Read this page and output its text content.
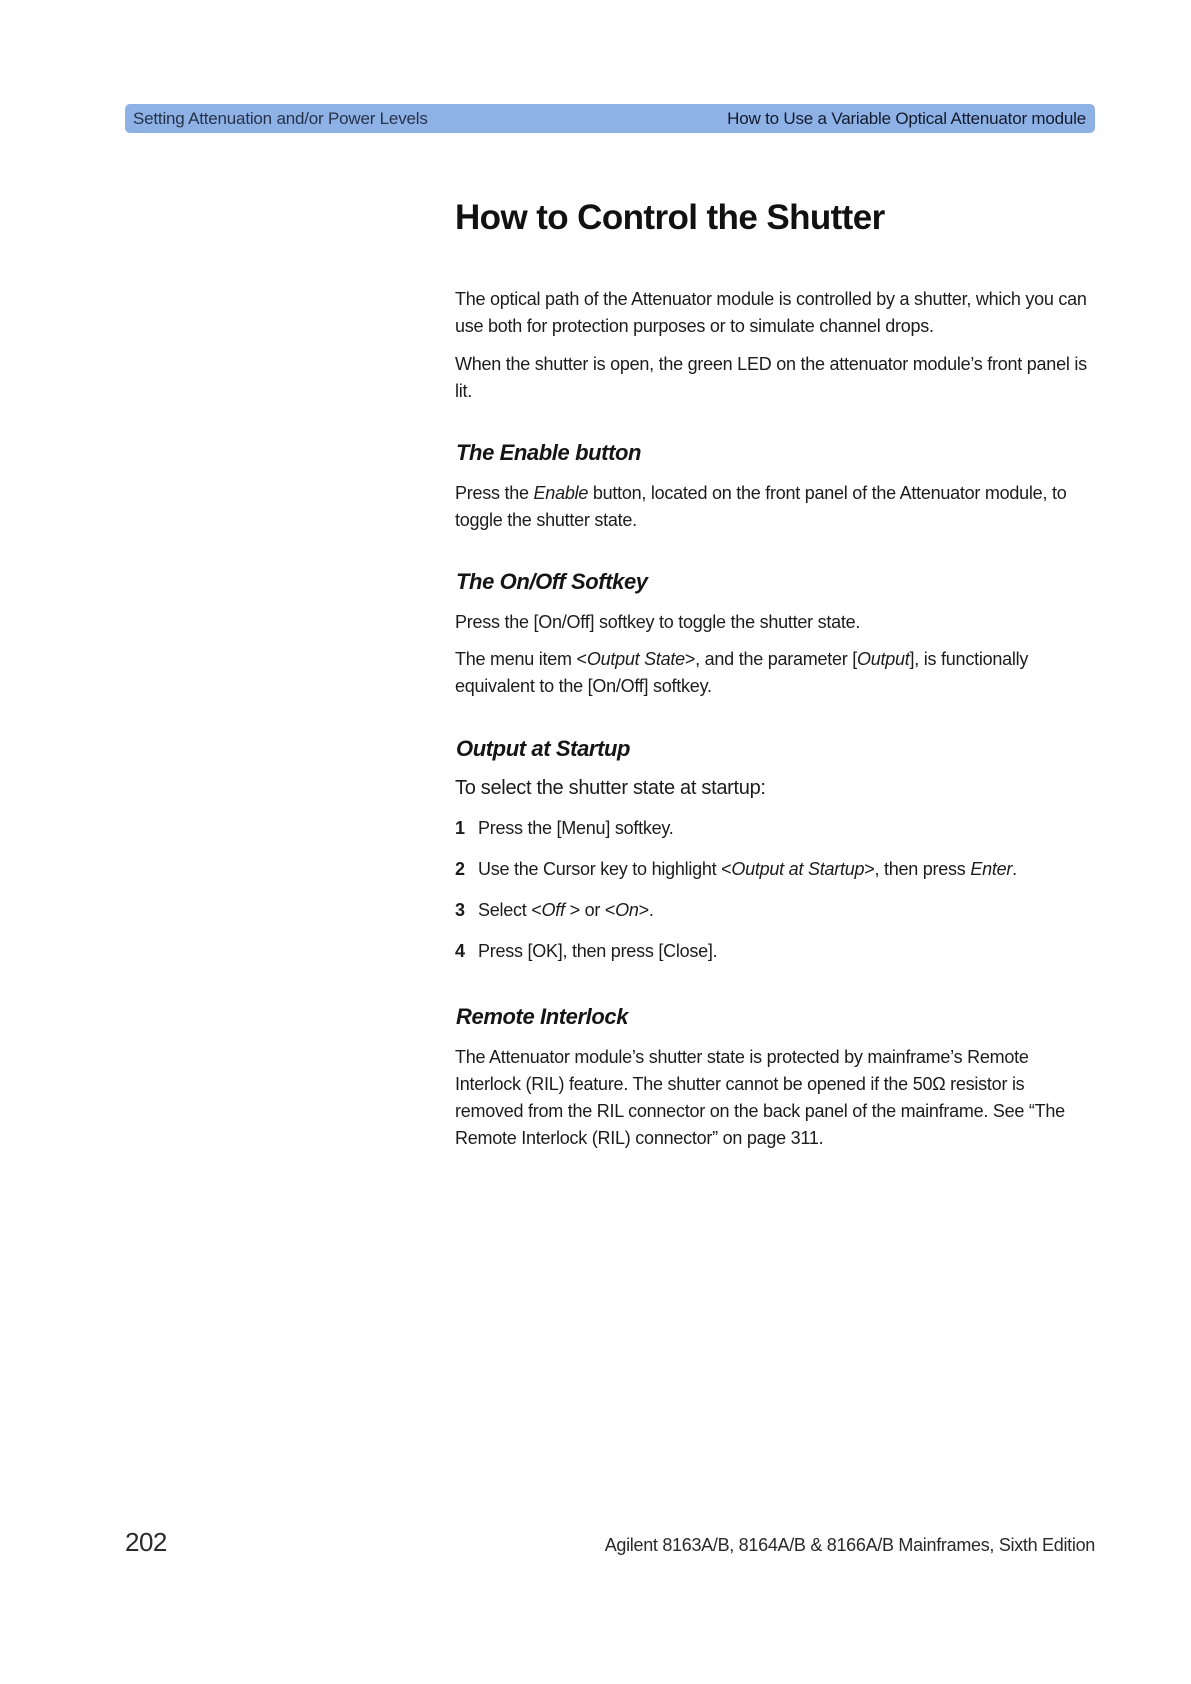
Setting Attenuation and/or Power Levels	How to Use a Variable Optical Attenuator module
How to Control the Shutter

The optical path of the Attenuator module is controlled by a shutter, which you can use both for protection purposes or to simulate channel drops.

When the shutter is open, the green LED on the attenuator module’s front panel is lit.

The Enable button

Press the Enable button, located on the front panel of the Attenuator module, to toggle the shutter state.

The On/Off Softkey

Press the [On/Off] softkey to toggle the shutter state.

The menu item <Output State>, and the parameter [Output], is functionally equivalent to the [On/Off] softkey.

Output at Startup

To select the shutter state at startup:

1 Press the [Menu] softkey.
2 Use the Cursor key to highlight <Output at Startup>, then press Enter.
3 Select <Off > or <On>.
4 Press [OK], then press [Close].
Remote Interlock

The Attenuator module’s shutter state is protected by mainframe’s Remote Interlock (RIL) feature. The shutter cannot be opened if the 50Ω resistor is removed from the RIL connector on the back panel of the mainframe. See “The Remote Interlock (RIL) connector” on page 311.

202	Agilent 8163A/B, 8164A/B & 8166A/B Mainframes, Sixth Edition
